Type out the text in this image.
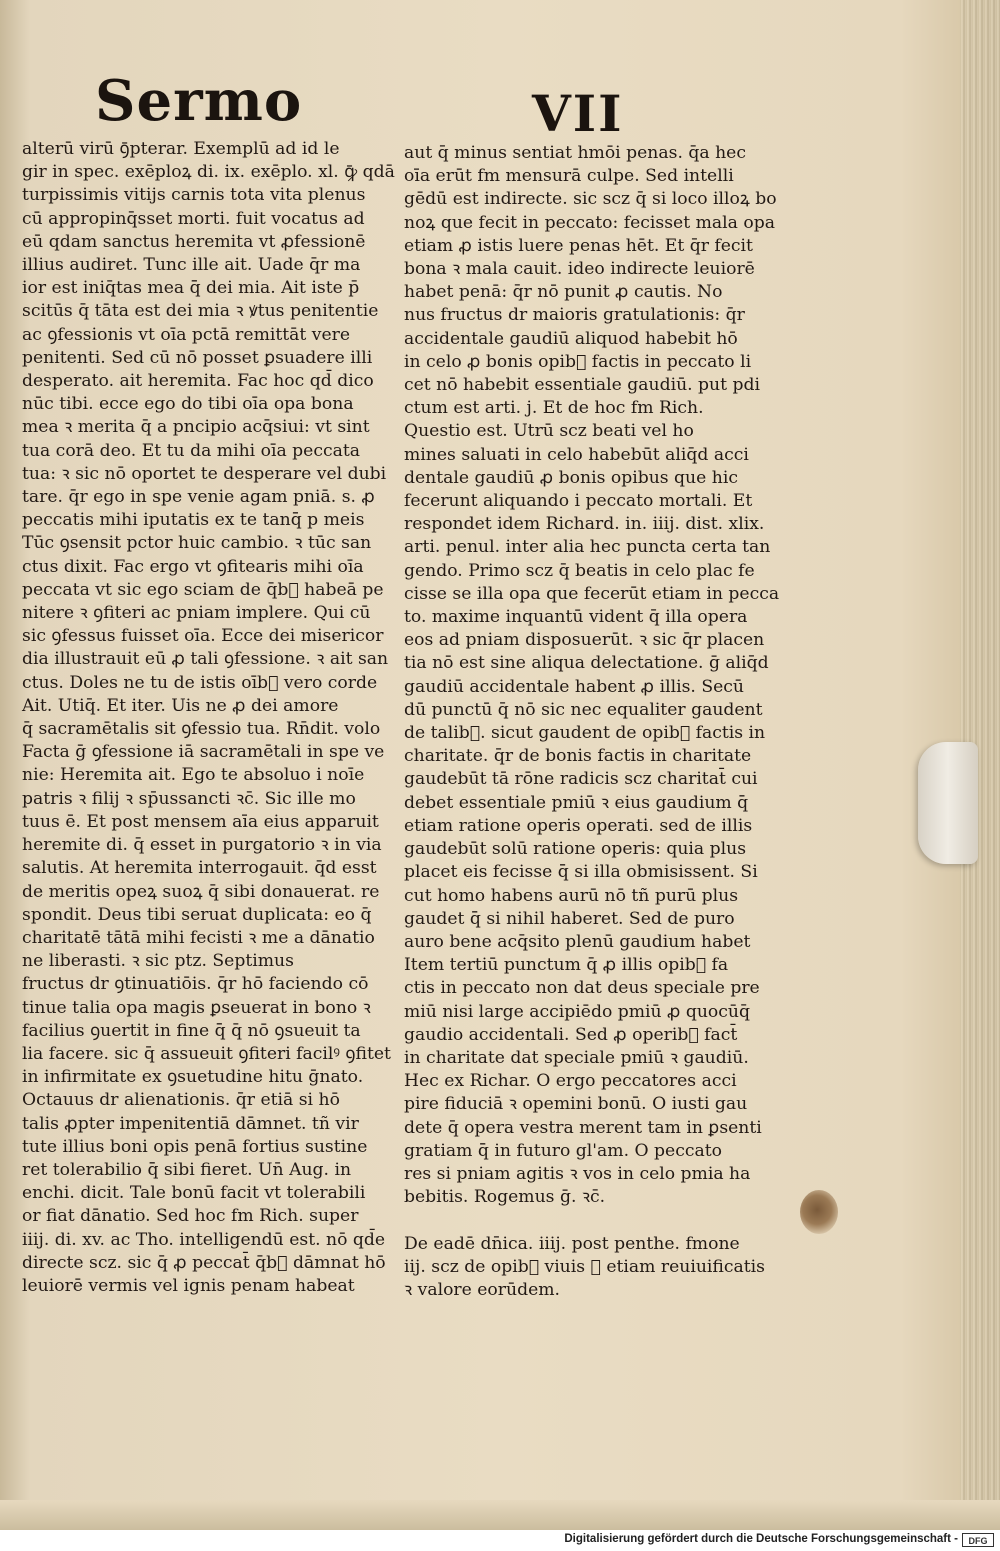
Sermo	VII
alterū virū ꝯ̄pterar. Exemplū ad id le
gir in spec. exēploꝝ di. ix. exēplo. xl. ꝙ̄ qdā
turpissimis vitijs carnis tota vita plenus
cū appropinq̄sset morti. fuit vocatus ad
eū qdam sanctus heremita vt ꝓfessionē
illius audiret. Tunc ille ait. Uade q̄r ma
ior est iniq̄tas mea q̄̄ dei mia. Ait iste p̄
scitūs q̄ tāta est dei mia ꝛ ꝟtus penitentie
ac ꝯfessionis vt oīa pctā remittāt vere
penitenti. Sed cū nō posset ꝑsuadere illi
desperato. ait heremita. Fac hoc qd̄ dico
nūc tibi. ecce ego do tibi oīa opa bona
mea ꝛ merita q̄ a pncipio acq̄siui: vt sint
tua corā deo. Et tu da mihi oīa peccata
tua: ꝛ sic nō oportet te desperare vel dubi
tare. q̄r ego in spe venie agam pniā. s. ꝓ
peccatis mihi iputatis ex te tanq̄̄ p meis
Tūc ꝯsensit pctor huic cambio. ꝛ tūc san
ctus dixit. Fac ergo vt ꝯfitearis mihi oīa
peccata vt sic ego sciam de q̄b᷒ habeā pe
nitere ꝛ ꝯfiteri ac pniam implere. Qui cū
sic ꝯfessus fuisset oīa. Ecce dei misericor
dia illustrauit eū ꝓ tali ꝯfessione. ꝛ ait san
ctus. Doles ne tu de istis oīb᷒ vero corde
Ait. Utiq̄. Et iter. Uis ne ꝓ dei amore
q̄ sacramētalis sit ꝯfessio tua. Rn̄dit. volo
Facta ḡ ꝯfessione iā sacramētali in spe ve
nie: Heremita ait. Ego te absoluo i noīe
patris ꝛ filij ꝛ sp̄ussancti ꝛc̄. Sic ille mo
tuus ē. Et post mensem aīa eius apparuit
heremite di. q̄ esset in purgatorio ꝛ in via
salutis. At heremita interrogauit. q̄d esst
de meritis opeꝝ suoꝝ q̄ sibi donauerat. re
spondit. Deus tibi seruat duplicata: eo q̄
charitatē tātā mihi fecisti ꝛ me a dānatio
ne liberasti. ꝛ sic ptz. Septimus
fructus dr ꝯtinuatiōis. q̄r hō faciendo cō
tinue talia opa magis ꝑseuerat in bono ꝛ
facilius ꝯuertit in fine q̄̄ q̄ nō ꝯsueuit ta
lia facere. sic q̄ assueuit ꝯfiteri facilꝰ ꝯfitet
in infirmitate ex ꝯsuetudine hitu ḡnato.
Octauus dr alienationis. q̄r etiā si hō
talis ꝓpter impenitentiā dāmnet. tñ vir
tute illius boni opis penā fortius sustine
ret tolerabilio q̄̄ sibi fieret. Un̄ Aug. in
enchi. dicit. Tale bonū facit vt tolerabili
or fiat dānatio. Sed hoc fm Rich. super
iiij. di. xv. ac Tho. intelligendū est. nō qd̄e
directe scz. sic q̄ ꝓ peccat̄ q̄b᷒ dāmnat hō
leuiorē vermis vel ignis penam habeat
aut q̄ minus sentiat hmōi penas. q̄a hec
oīa erūt fm mensurā culpe. Sed intelli
gēdū est indirecte. sic scz q̄ si loco illoꝝ bo
noꝝ que fecit in peccato: fecisset mala opa
etiam ꝓ istis luere penas hēt. Et q̄r fecit
bona ꝛ mala cauit. ideo indirecte leuiorē
habet penā: q̄r nō punit ꝓ cautis. No
nus fructus dr maioris gratulationis: q̄r
accidentale gaudiū aliquod habebit hō
in celo ꝓ bonis opib᷒ factis in peccato li
cet nō habebit essentiale gaudiū. put pdi
ctum est arti. j. Et de hoc fm Rich.
Questio est. Utrū scz beati vel ho
mines saluati in celo habebūt aliq̄d acci
dentale gaudiū ꝓ bonis opibus que hic
fecerunt aliquando i peccato mortali. Et
respondet idem Richard. in. iiij. dist. xlix.
arti. penul. inter alia hec puncta certa tan
gendo. Primo scz q̄ beatis in celo plac fe
cisse se illa opa que fecerūt etiam in pecca
to. maxime inquantū vident q̄ illa opera
eos ad pniam disposuerūt. ꝛ sic q̄r placen
tia nō est sine aliqua delectatione. ḡ aliq̄d
gaudiū accidentale habent ꝓ illis. Secū
dū punctū q̄ nō sic nec equaliter gaudent
de talib᷒. sicut gaudent de opib᷒ factis in
charitate. q̄r de bonis factis in charitate
gaudebūt tā rōne radicis scz charitat̄ cui
debet essentiale pmiū ꝛ eius gaudium q̄̄
etiam ratione operis operati. sed de illis
gaudebūt solū ratione operis: quia plus
placet eis fecisse q̄̄ si illa obmisissent. Si
cut homo habens aurū nō tñ purū plus
gaudet q̄̄ si nihil haberet. Sed de puro
auro bene acq̄sito plenū gaudium habet
Item tertiū punctum q̄ ꝓ illis opib᷒ fa
ctis in peccato non dat deus speciale pre
miū nisi large accipiēdo pmiū ꝓ quocūq̄
gaudio accidentali. Sed ꝓ operib᷒ fact̄
in charitate dat speciale pmiū ꝛ gaudiū.
Hec ex Richar. O ergo peccatores acci
pire fiduciā ꝛ opemini bonū. O iusti gau
dete q̄ opera vestra merent tam in ꝑsenti
gratiam q̄̄ in futuro gl'am. O peccato
res si pniam agitis ꝛ vos in celo pmia ha
bebitis. Rogemus ḡ. ꝛc̄.

De eadē dn̄ica. iiij. post penthe. fmone
iij. scz de opib᷒ viuis ꝛ etiam reuiuificatis
ꝛ valore eorūdem.
Digitalisierung gefördert durch die Deutsche Forschungsgemeinschaft -	DFG
